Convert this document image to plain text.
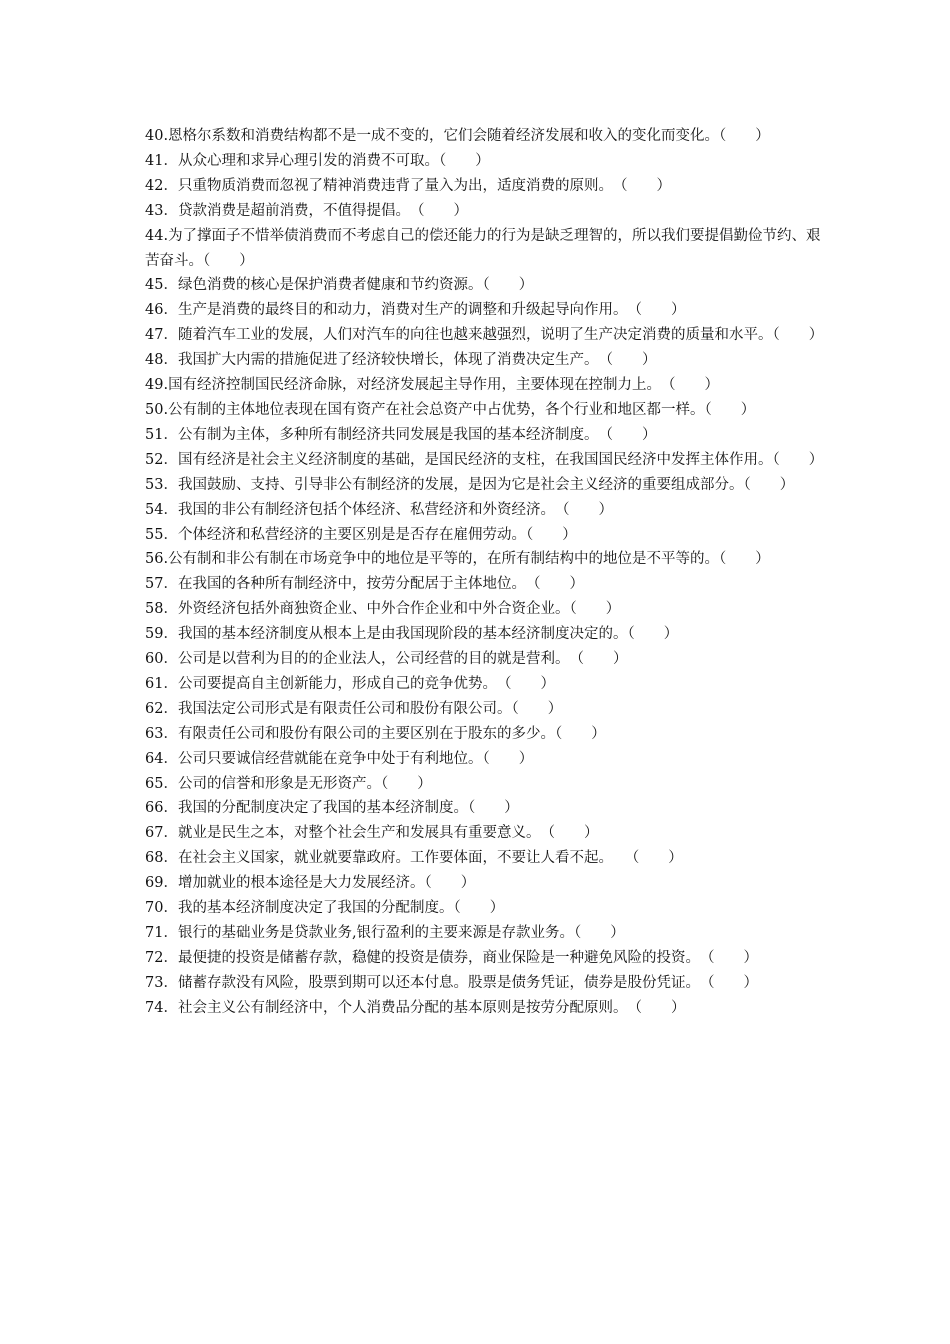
40.恩格尔系数和消费结构都不是一成不变的，它们会随着经济发展和收入的变化而变化。（　　）

41．从众心理和求异心理引发的消费不可取。（　　）

42．只重物质消费而忽视了精神消费违背了量入为出，适度消费的原则。　（　　）

43．贷款消费是超前消费，不值得提倡。　（　　）

44.为了撑面子不惜举债消费而不考虑自己的偿还能力的行为是缺乏理智的，所以我们要提倡勤俭节约、艰苦奋斗。（　　）

45．绿色消费的核心是保护消费者健康和节约资源。（　　）

46．生产是消费的最终目的和动力，消费对生产的调整和升级起导向作用。　（　　）

47．随着汽车工业的发展，人们对汽车的向往也越来越强烈，说明了生产决定消费的质量和水平。（　　）

48．我国扩大内需的措施促进了经济较快增长，体现了消费决定生产。　（　　）

49.国有经济控制国民经济命脉，对经济发展起主导作用，主要体现在控制力上。　（　　）

50.公有制的主体地位表现在国有资产在社会总资产中占优势，各个行业和地区都一样。（　　）

51．公有制为主体，多种所有制经济共同发展是我国的基本经济制度。　（　　）

52．国有经济是社会主义经济制度的基础，是国民经济的支柱，在我国国民经济中发挥主体作用。（　　）

53．我国鼓励、支持、引导非公有制经济的发展，是因为它是社会主义经济的重要组成部分。（　　）

54．我国的非公有制经济包括个体经济、私营经济和外资经济。　（　　）

55．个体经济和私营经济的主要区别是是否存在雇佣劳动。（　　）

56.公有制和非公有制在市场竞争中的地位是平等的，在所有制结构中的地位是不平等的。（　　）

57．在我国的各种所有制经济中，按劳分配居于主体地位。　（　　）

58．外资经济包括外商独资企业、中外合作企业和中外合资企业。（　　）

59．我国的基本经济制度从根本上是由我国现阶段的基本经济制度决定的。（　　）

60．公司是以营利为目的的企业法人，公司经营的目的就是营利。　（　　）

61．公司要提高自主创新能力，形成自己的竞争优势。　（　　）

62．我国法定公司形式是有限责任公司和股份有限公司。（　　）

63．有限责任公司和股份有限公司的主要区别在于股东的多少。（　　）

64．公司只要诚信经营就能在竞争中处于有利地位。（　　）

65．公司的信誉和形象是无形资产。（　　）

66．我国的分配制度决定了我国的基本经济制度。（　　）

67．就业是民生之本，对整个社会生产和发展具有重要意义。　（　　）

68．在社会主义国家，就业就要靠政府。工作要体面，不要让人看不起。　 （　　）

69．增加就业的根本途径是大力发展经济。（　　）

70．我的基本经济制度决定了我国的分配制度。（　　）

71．银行的基础业务是贷款业务,银行盈利的主要来源是存款业务。（　　）

72．最便捷的投资是储蓄存款，稳健的投资是债券，商业保险是一种避免风险的投资。　（　　）

73．储蓄存款没有风险，股票到期可以还本付息。股票是债务凭证，债券是股份凭证。　（　　）

74．社会主义公有制经济中，个人消费品分配的基本原则是按劳分配原则。　（　　）
